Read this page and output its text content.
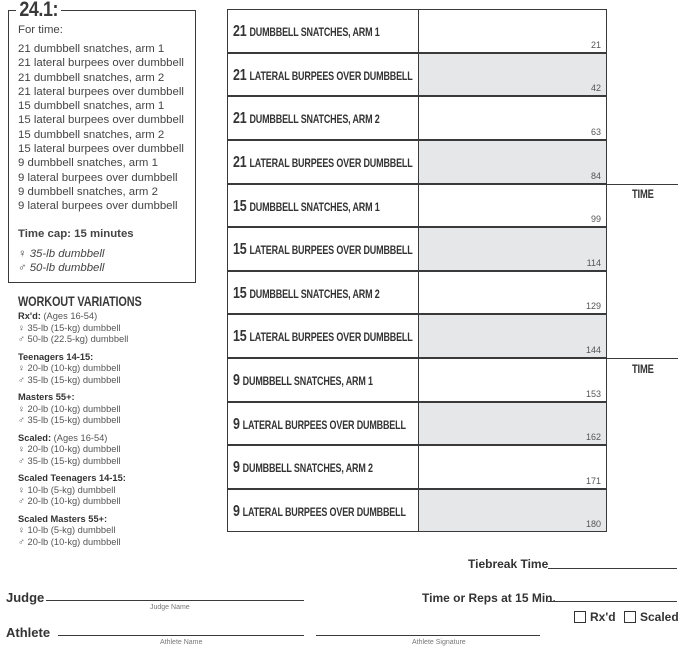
24.1:
For time:
21 dumbbell snatches, arm 1
21 lateral burpees over dumbbell
21 dumbbell snatches, arm 2
21 lateral burpees over dumbbell
15 dumbbell snatches, arm 1
15 lateral burpees over dumbbell
15 dumbbell snatches, arm 2
15 lateral burpees over dumbbell
9 dumbbell snatches, arm 1
9 lateral burpees over dumbbell
9 dumbbell snatches, arm 2
9 lateral burpees over dumbbell
Time cap: 15 minutes
♀ 35-lb dumbbell
♂ 50-lb dumbbell
WORKOUT VARIATIONS
Rx'd: (Ages 16-54)
♀ 35-lb (15-kg) dumbbell
♂ 50-lb (22.5-kg) dumbbell
Teenagers 14-15:
♀ 20-lb (10-kg) dumbbell
♂ 35-lb (15-kg) dumbbell
Masters 55+:
♀ 20-lb (10-kg) dumbbell
♂ 35-lb (15-kg) dumbbell
Scaled: (Ages 16-54)
♀ 20-lb (10-kg) dumbbell
♂ 35-lb (15-kg) dumbbell
Scaled Teenagers 14-15:
♀ 10-lb (5-kg) dumbbell
♂ 20-lb (10-kg) dumbbell
Scaled Masters 55+:
♀ 10-lb (5-kg) dumbbell
♂ 20-lb (10-kg) dumbbell
21 DUMBBELL SNATCHES, ARM 1
21
21 LATERAL BURPEES OVER DUMBBELL
42
21 DUMBBELL SNATCHES, ARM 2
63
21 LATERAL BURPEES OVER DUMBBELL
84
15 DUMBBELL SNATCHES, ARM 1
99
15 LATERAL BURPEES OVER DUMBBELL
114
15 DUMBBELL SNATCHES, ARM 2
129
15 LATERAL BURPEES OVER DUMBBELL
144
9 DUMBBELL SNATCHES, ARM 1
153
9 LATERAL BURPEES OVER DUMBBELL
162
9 DUMBBELL SNATCHES, ARM 2
171
9 LATERAL BURPEES OVER DUMBBELL
180
TIME
TIME
Tiebreak Time
Judge
Judge Name
Time or Reps at 15 Min.
Rx'd	Scaled
Athlete
Athlete Name	Athlete Signature
